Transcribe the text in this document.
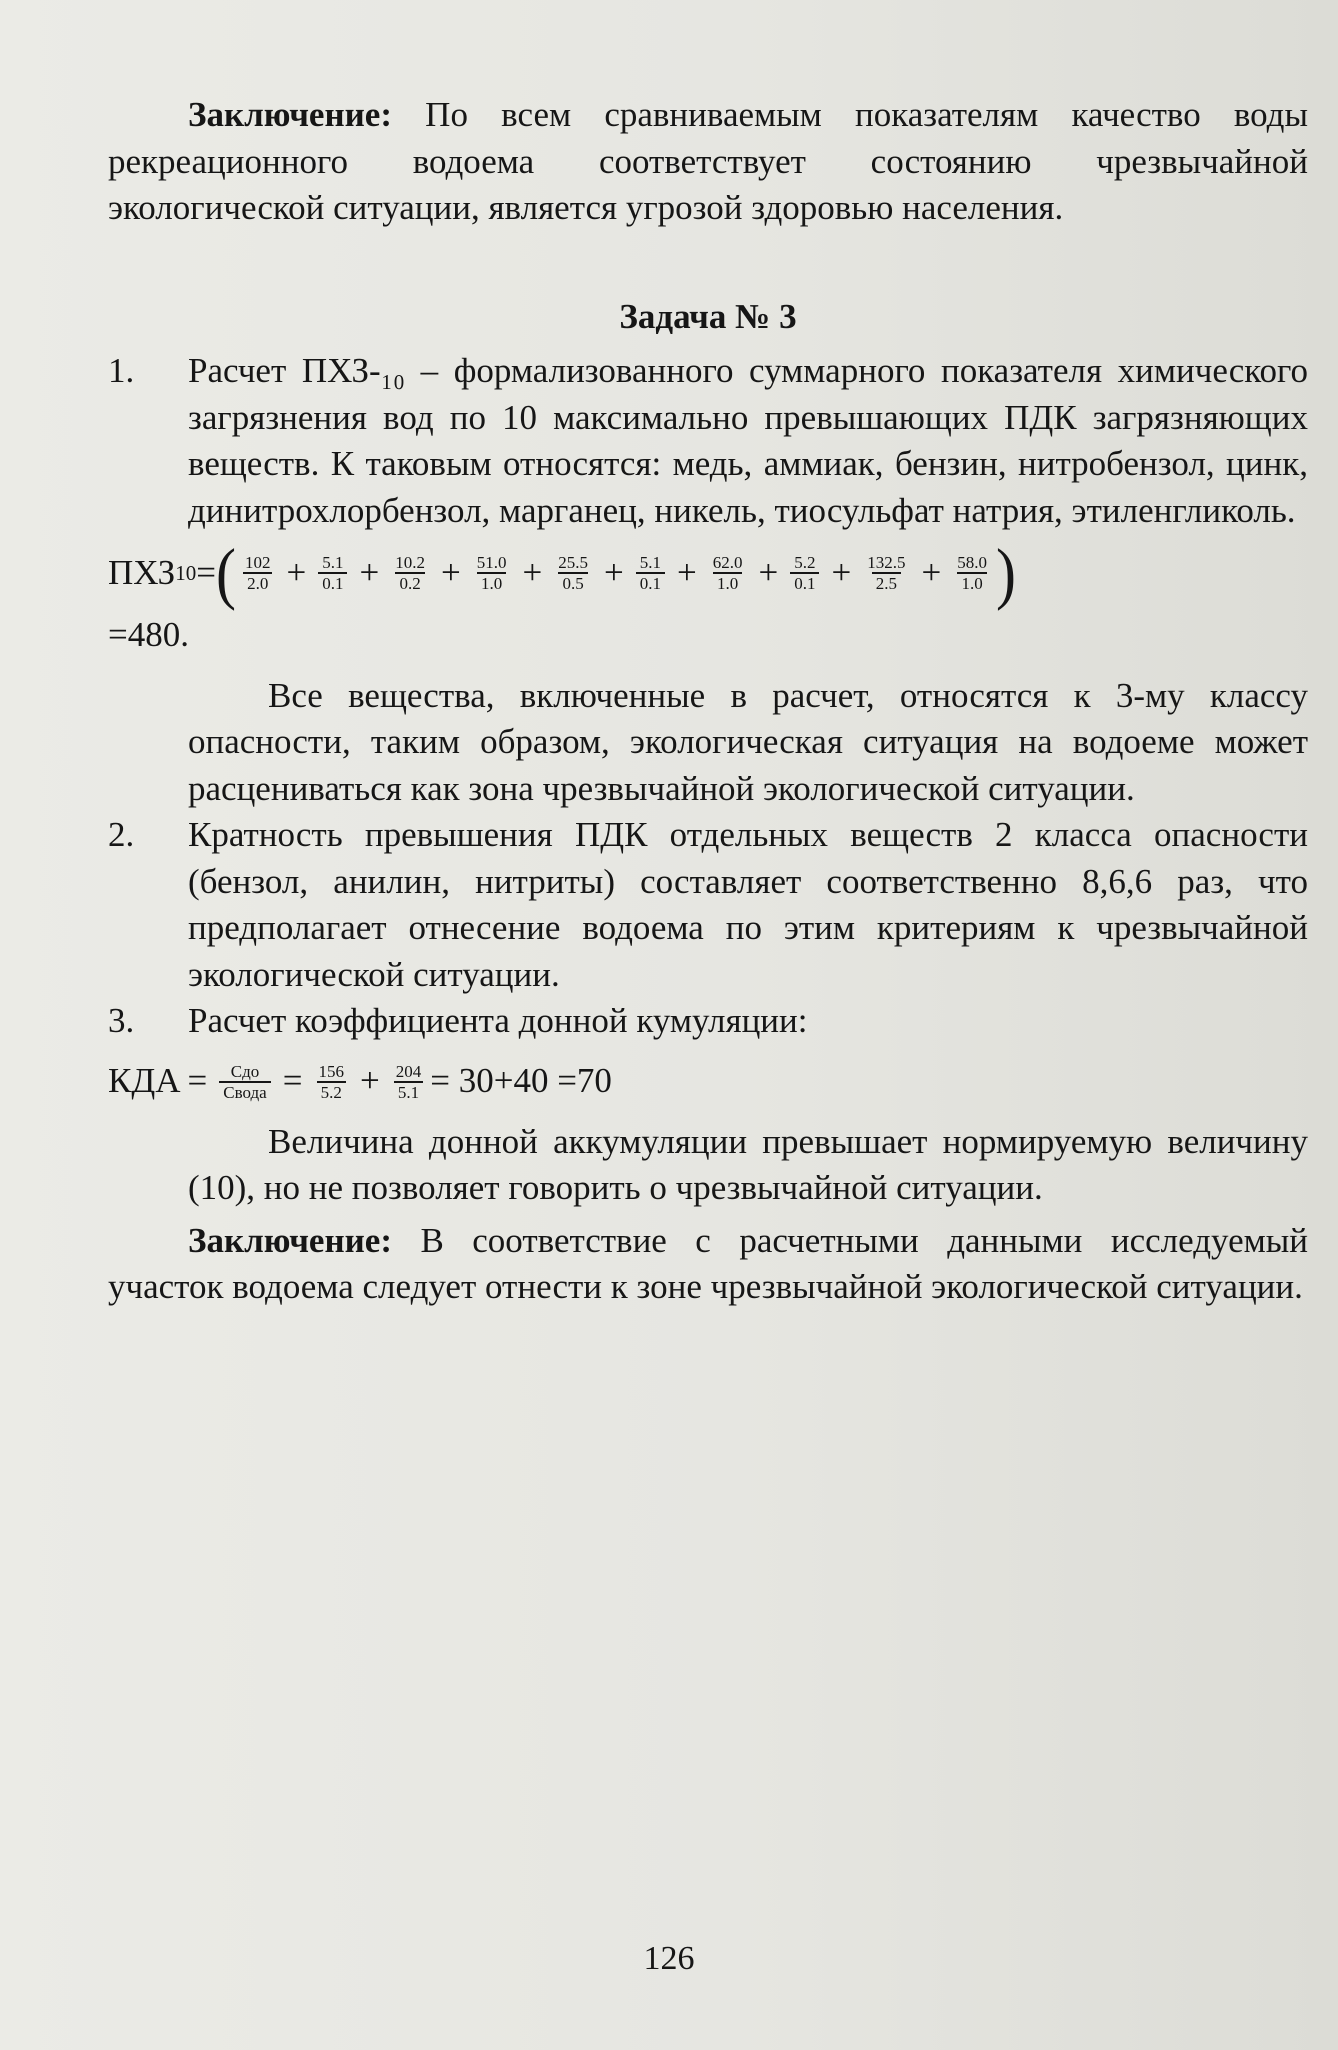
Заключение: По всем сравниваемым показателям качество воды рекреационного водоема соответствует состоянию чрезвычайной экологической ситуации, является угрозой здоровью населения.

Задача № 3

1. Расчет ПХЗ-₁₀ – формализованного суммарного показателя химического загрязнения вод по 10 максимально превышающих ПДК загрязняющих веществ. К таковым относятся: медь, аммиак, бензин, нитробензол, цинк, динитрохлорбензол, марганец, никель, тиосульфат натрия, этиленгликоль.

ПХЗ 10 = ( $\frac{102}{2.0} + \frac{5.1}{0.1} + \frac{10.2}{0.2} + \frac{51.0}{1.0} + \frac{25.5}{0.5} + \frac{5.1}{0.1} + \frac{62.0}{1.0} + \frac{5.2}{0.1} + \frac{132.5}{2.5} + \frac{58.0}{1.0}$ )

=480.

Все вещества, включенные в расчет, относятся к 3-му классу опасности, таким образом, экологическая ситуация на водоеме может расцениваться как зона чрезвычайной экологической ситуации.

2. Кратность превышения ПДК отдельных веществ 2 класса опасности (бензол, анилин, нитриты) составляет соответственно 8,6,6 раз, что предполагает отнесение водоема по этим критериям к чрезвычайной экологической ситуации.

3. Расчет коэффициента донной кумуляции:

КДА = $\frac{\text{Cдо}}{\text{Cвода}} = \frac{156}{5.2} + \frac{204}{5.1} = 30+40 =70$

Величина донной аккумуляции превышает нормируемую величину (10), но не позволяет говорить о чрезвычайной ситуации.

Заключение: В соответствие с расчетными данными исследуемый участок водоема следует отнести к зоне чрезвычайной экологической ситуации.

126
